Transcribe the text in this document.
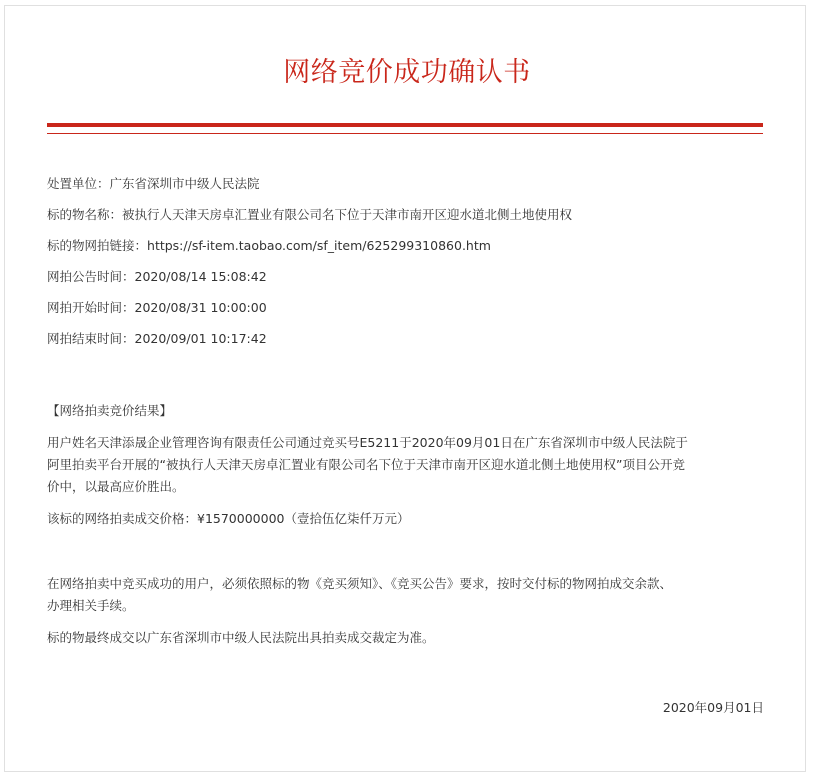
网络竞价成功确认书
处置单位：广东省深圳市中级人民法院
标的物名称：被执行人天津天房卓汇置业有限公司名下位于天津市南开区迎水道北侧土地使用权
标的物网拍链接：https://sf-item.taobao.com/sf_item/625299310860.htm
网拍公告时间：2020/08/14 15:08:42
网拍开始时间：2020/08/31 10:00:00
网拍结束时间：2020/09/01 10:17:42
【网络拍卖竞价结果】
用户姓名天津添晟企业管理咨询有限责任公司通过竞买号E5211于2020年09月01日在广东省深圳市中级人民法院于
阿里拍卖平台开展的“被执行人天津天房卓汇置业有限公司名下位于天津市南开区迎水道北侧土地使用权”项目公开竞
价中，以最高应价胜出。
该标的网络拍卖成交价格：¥1570000000（壹拾伍亿柒仟万元）
在网络拍卖中竞买成功的用户，必须依照标的物《竞买须知》、《竞买公告》要求，按时交付标的物网拍成交余款、
办理相关手续。
标的物最终成交以广东省深圳市中级人民法院出具拍卖成交裁定为准。
2020年09月01日
